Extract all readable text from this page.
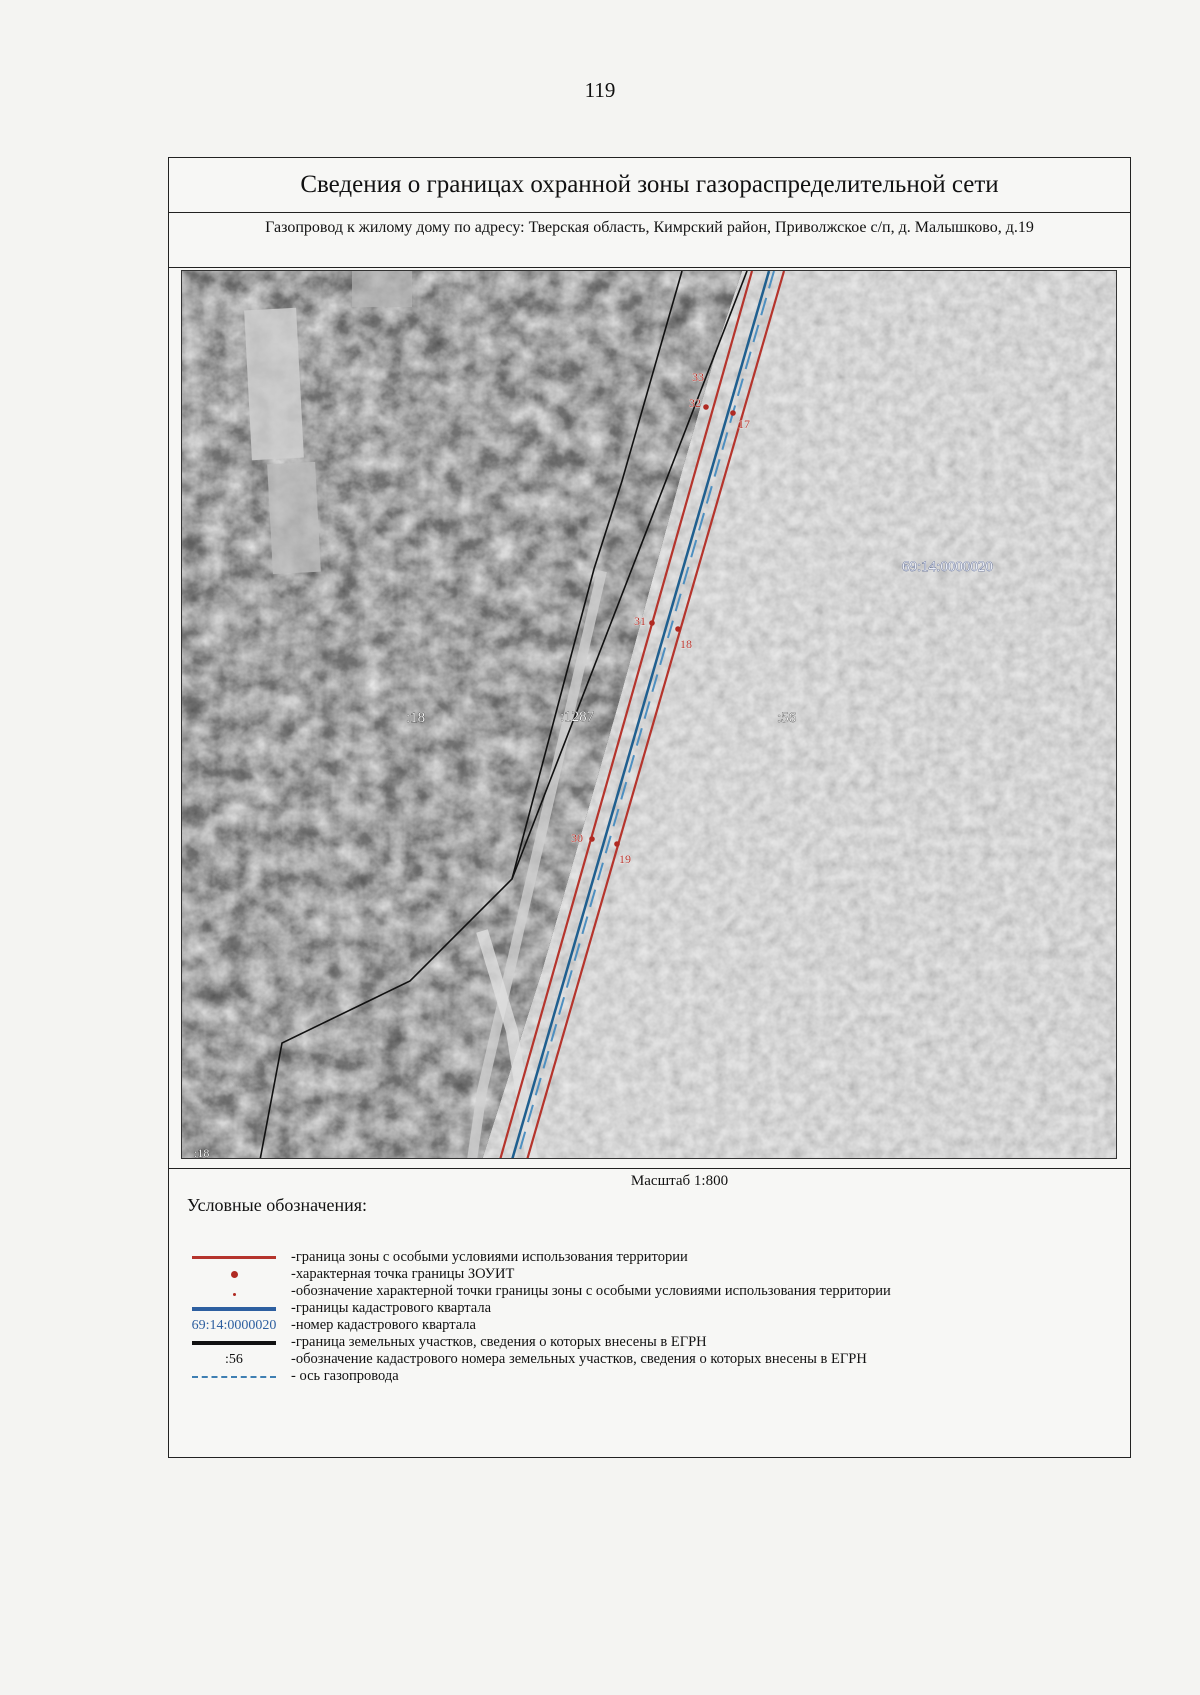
119
Сведения о границах охранной зоны газораспределительной сети
Газопровод к жилому дому по адресу: Тверская область, Кимрский район, Приволжское с/п, д. Малышково, д.19
33
32
17
31
18
30
19
:18	:1287	:56
:18
69:14:0000020
Масштаб 1:800
Условные обозначения:
-граница зоны с особыми условиями использования территории
-характерная точка границы ЗОУИТ
-обозначение характерной точки границы зоны с особыми условиями использования территории
-границы кадастрового квартала
69:14:0000020	-номер кадастрового квартала
-граница земельных участков, сведения о которых внесены в ЕГРН
:56	-обозначение кадастрового номера земельных участков, сведения о которых внесены в ЕГРН
- ось газопровода
